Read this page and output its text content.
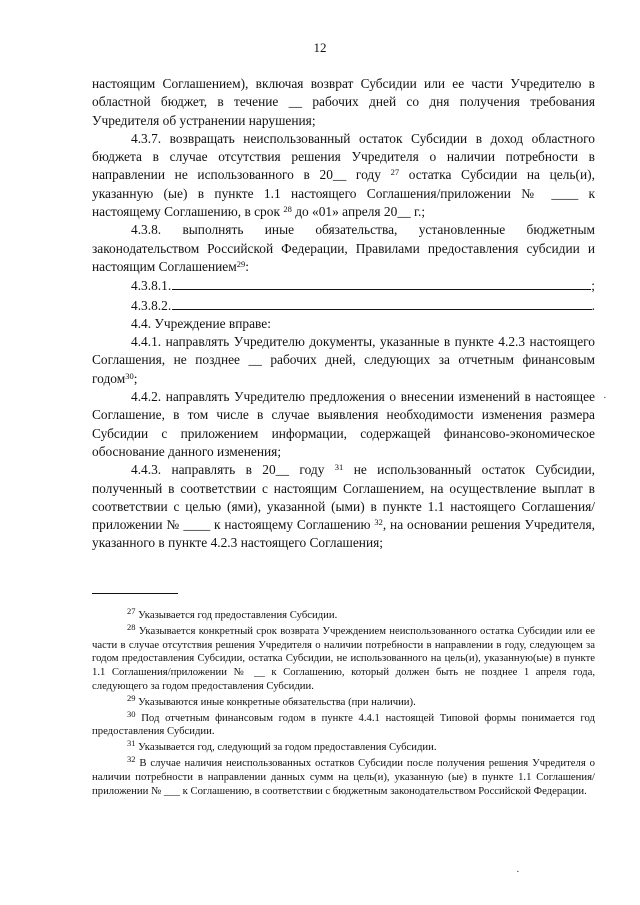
12

настоящим Соглашением), включая возврат Субсидии или ее части Учредителю в областной бюджет, в течение __ рабочих дней со дня получения требования Учредителя об устранении нарушения;

4.3.7. возвращать неиспользованный остаток Субсидии в доход областного бюджета в случае отсутствия решения Учредителя о наличии потребности в направлении не использованного в 20__ году $^{27}$ остатка Субсидии на цель(и), указанную (ые) в пункте 1.1 настоящего Соглашения/приложении № ____ к настоящему Соглашению, в срок $^{28}$ до «01» апреля 20__ г.;

4.3.8. выполнять иные обязательства, установленные бюджетным законодательством Российской Федерации, Правилами предоставления субсидии и настоящим Соглашением$^{29}$:

4.3.8.1.	;
4.3.8.2.	.

4.4. Учреждение вправе:

4.4.1. направлять Учредителю документы, указанные в пункте 4.2.3 настоящего Соглашения, не позднее __ рабочих дней, следующих за отчетным финансовым годом$^{30}$;

4.4.2. направлять Учредителю предложения о внесении изменений в настоящее Соглашение, в том числе в случае выявления необходимости изменения размера Субсидии с приложением информации, содержащей финансово-экономическое обоснование данного изменения;

4.4.3. направлять в 20__ году $^{31}$ не использованный остаток Субсидии, полученный в соответствии с настоящим Соглашением, на осуществление выплат в соответствии с целью (ями), указанной (ыми) в пункте 1.1 настоящего Соглашения/приложении № ____ к настоящему Соглашению $^{32}$, на основании решения Учредителя, указанного в пункте 4.2.3 настоящего Соглашения;

$^{27}$ Указывается год предоставления Субсидии.

$^{28}$ Указывается конкретный срок возврата Учреждением неиспользованного остатка Субсидии или ее части в случае отсутствия решения Учредителя о наличии потребности в направлении в году, следующем за годом предоставления Субсидии, остатка Субсидии, не использованного на цель(и), указанную(ые) в пункте 1.1 Соглашения/приложении № __ к Соглашению, который должен быть не позднее 1 апреля года, следующего за годом предоставления Субсидии.

$^{29}$ Указываются иные конкретные обязательства (при наличии).

$^{30}$ Под отчетным финансовым годом в пункте 4.4.1 настоящей Типовой формы понимается год предоставления Субсидии.

$^{31}$ Указывается год, следующий за годом предоставления Субсидии.

$^{32}$ В случае наличия неиспользованных остатков Субсидии после получения решения Учредителя о наличии потребности в направлении данных сумм на цель(и), указанную (ые) в пункте 1.1 Соглашения/приложении № ___ к Соглашению, в соответствии с бюджетным законодательством Российской Федерации.

·
·
